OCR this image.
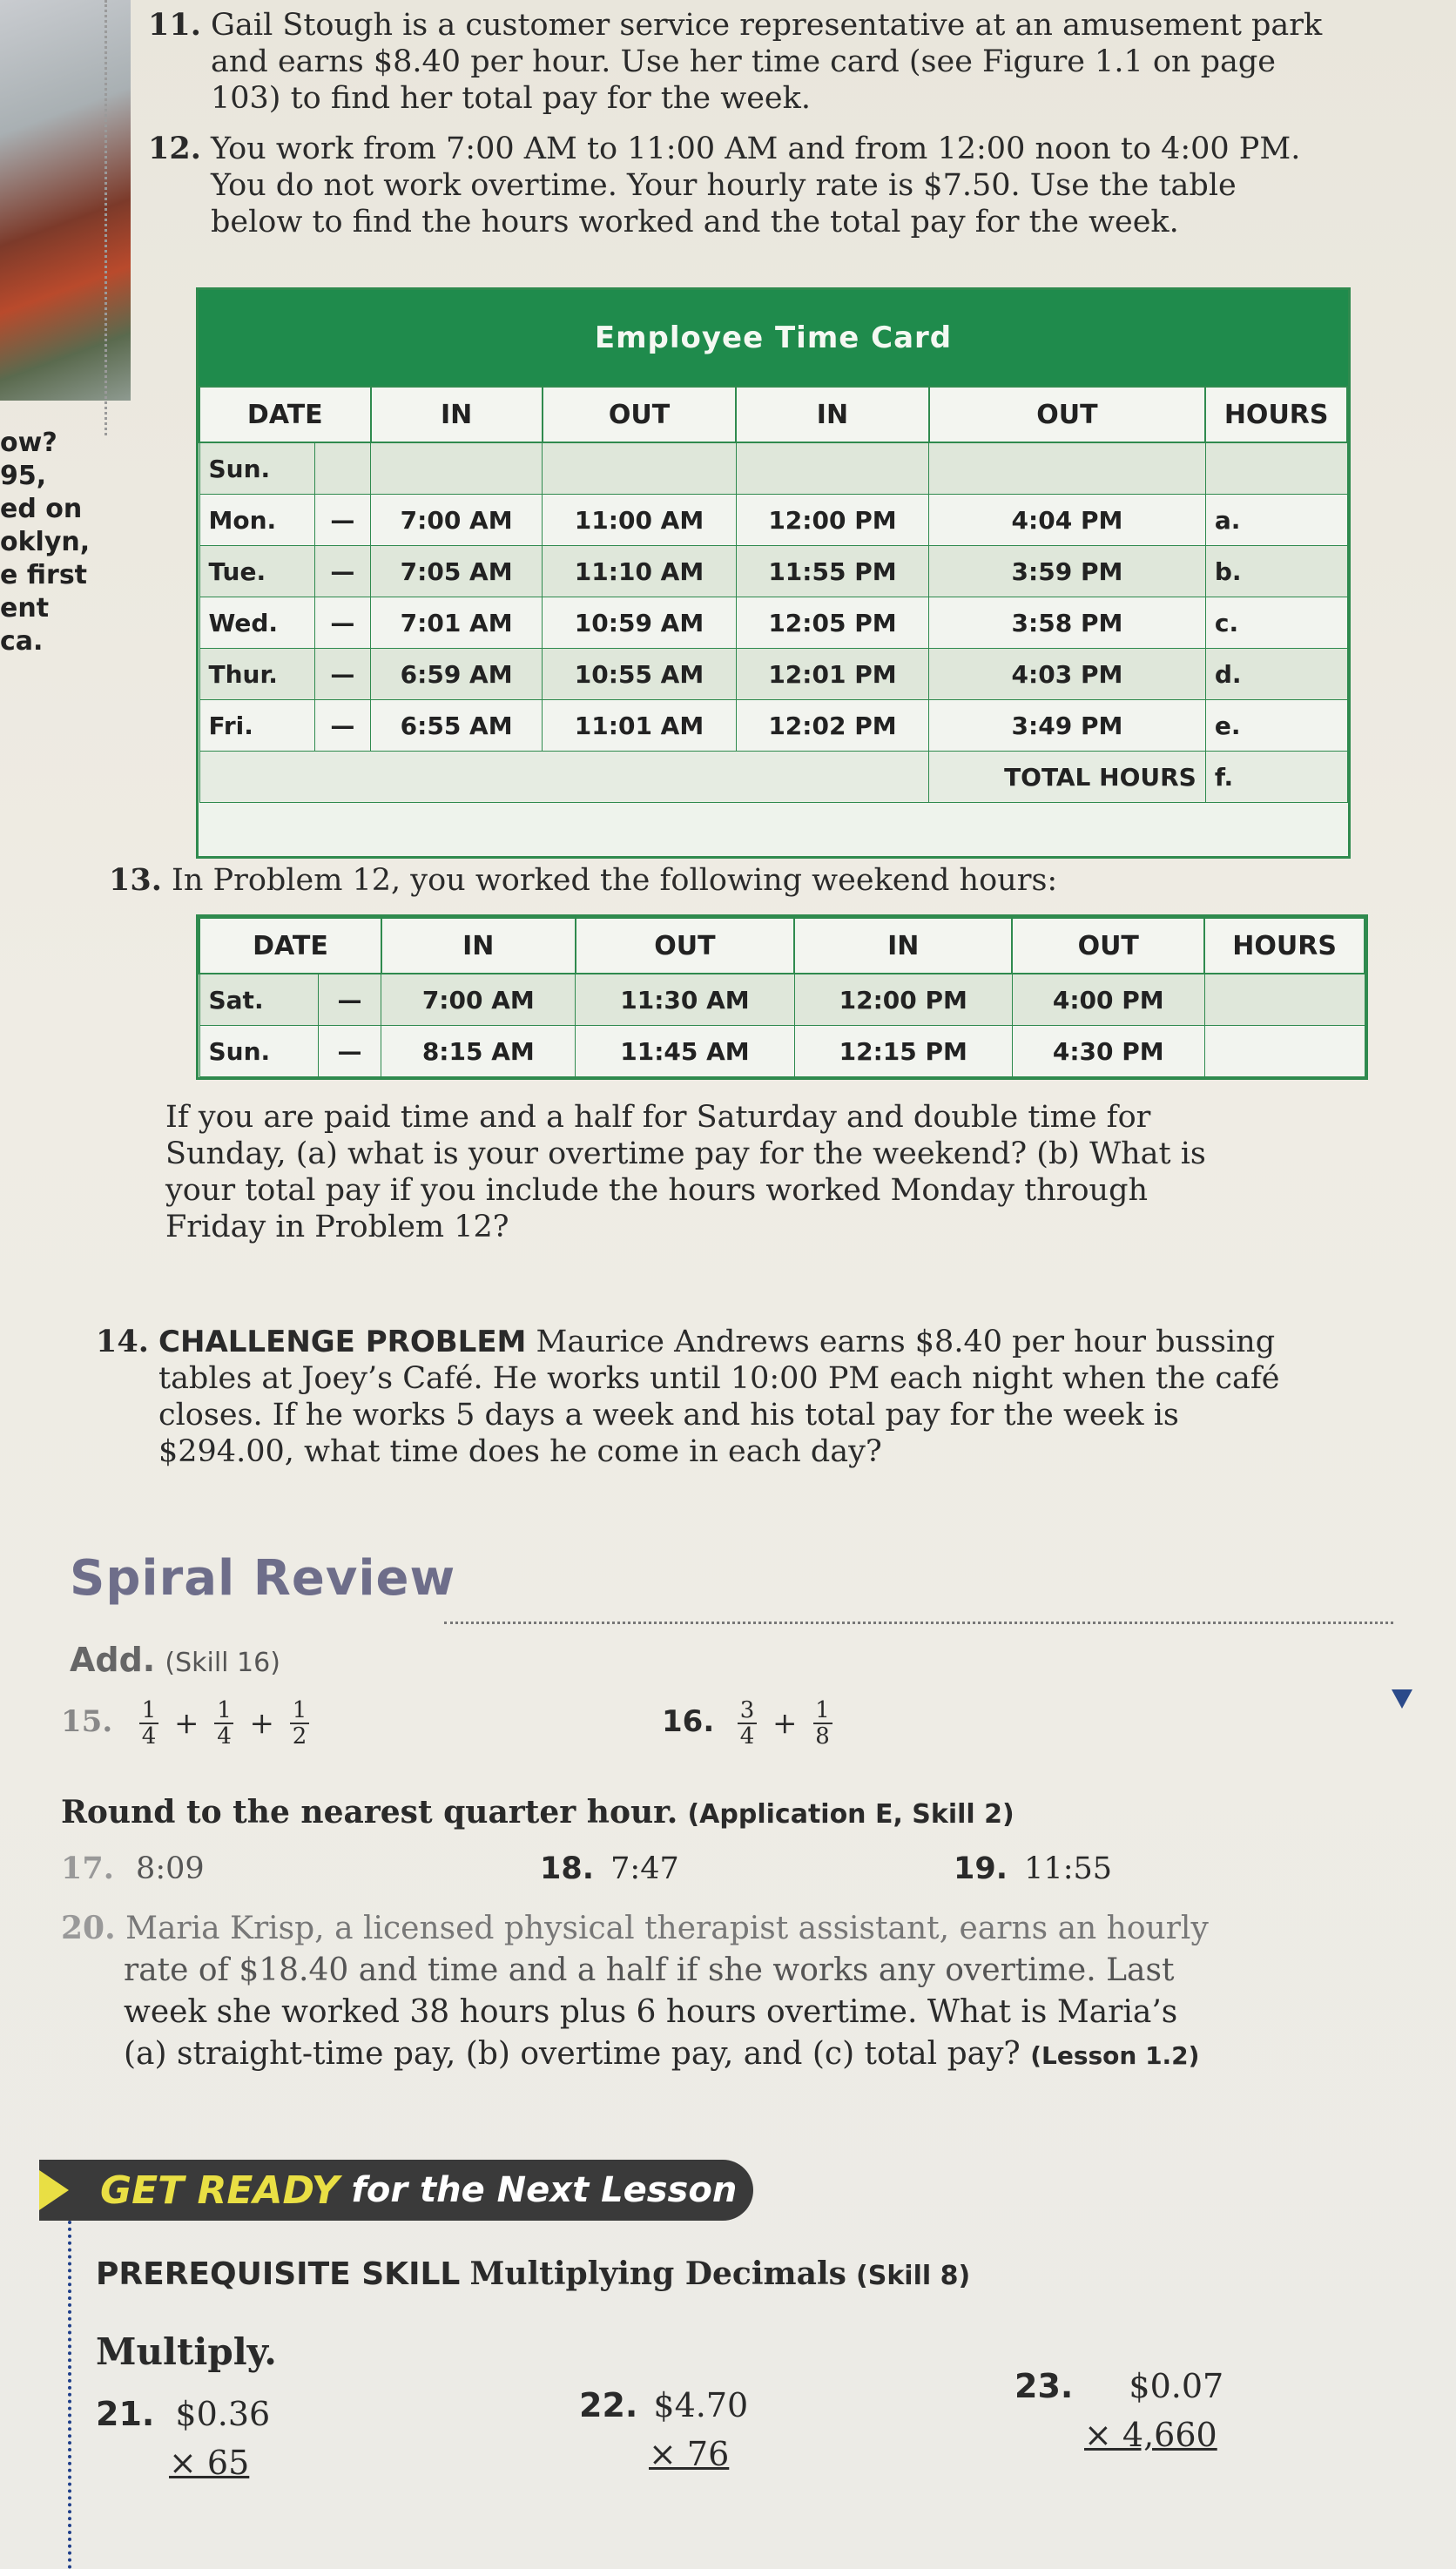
ow?
95,
ed on
oklyn,
e first
ent
ca.
11. Gail Stough is a customer service representative at an amusement park
and earns $8.40 per hour. Use her time card (see Figure 1.1 on page
103) to find her total pay for the week.
12. You work from 7:00 AM to 11:00 AM and from 12:00 noon to 4:00 PM.
You do not work overtime. Your hourly rate is $7.50. Use the table
below to find the hours worked and the total pay for the week.
Employee Time Card
DATE		IN	OUT	IN	OUT	HOURS
Sun.						
Mon.	—	7:00 AM	11:00 AM	12:00 PM	4:04 PM	a.
Tue.	—	7:05 AM	11:10 AM	11:55 PM	3:59 PM	b.
Wed.	—	7:01 AM	10:59 AM	12:05 PM	3:58 PM	c.
Thur.	—	6:59 AM	10:55 AM	12:01 PM	4:03 PM	d.
Fri.	—	6:55 AM	11:01 AM	12:02 PM	3:49 PM	e.
					TOTAL HOURS	f.
13. In Problem 12, you worked the following weekend hours:
DATE		IN	OUT	IN	OUT	HOURS
Sat.	—	7:00 AM	11:30 AM	12:00 PM	4:00 PM	
Sun.	—	8:15 AM	11:45 AM	12:15 PM	4:30 PM	
If you are paid time and a half for Saturday and double time for
Sunday, (a) what is your overtime pay for the weekend? (b) What is
your total pay if you include the hours worked Monday through
Friday in Problem 12?
14. CHALLENGE PROBLEM Maurice Andrews earns $8.40 per hour bussing
tables at Joey’s Café. He works until 10:00 PM each night when the café
closes. If he works 5 days a week and his total pay for the week is
$294.00, what time does he come in each day?
Spiral Review
Add. (Skill 16)
15. 1
4 + 1
4 + 1
2	16. 3
4 + 1
8
Round to the nearest quarter hour. (Application E, Skill 2)
17. 8:09	18. 7:47	19. 11:55
20. Maria Krisp, a licensed physical therapist assistant, earns an hourly
rate of $18.40 and time and a half if she works any overtime. Last
week she worked 38 hours plus 6 hours overtime. What is Maria’s
(a) straight-time pay, (b) overtime pay, and (c) total pay? (Lesson 1.2)
GET READY for the Next Lesson
PREREQUISITE SKILL Multiplying Decimals (Skill 8)
Multiply.
21. $0.36
× 65
22. $4.70
× 76
23. $0.07
× 4,660
